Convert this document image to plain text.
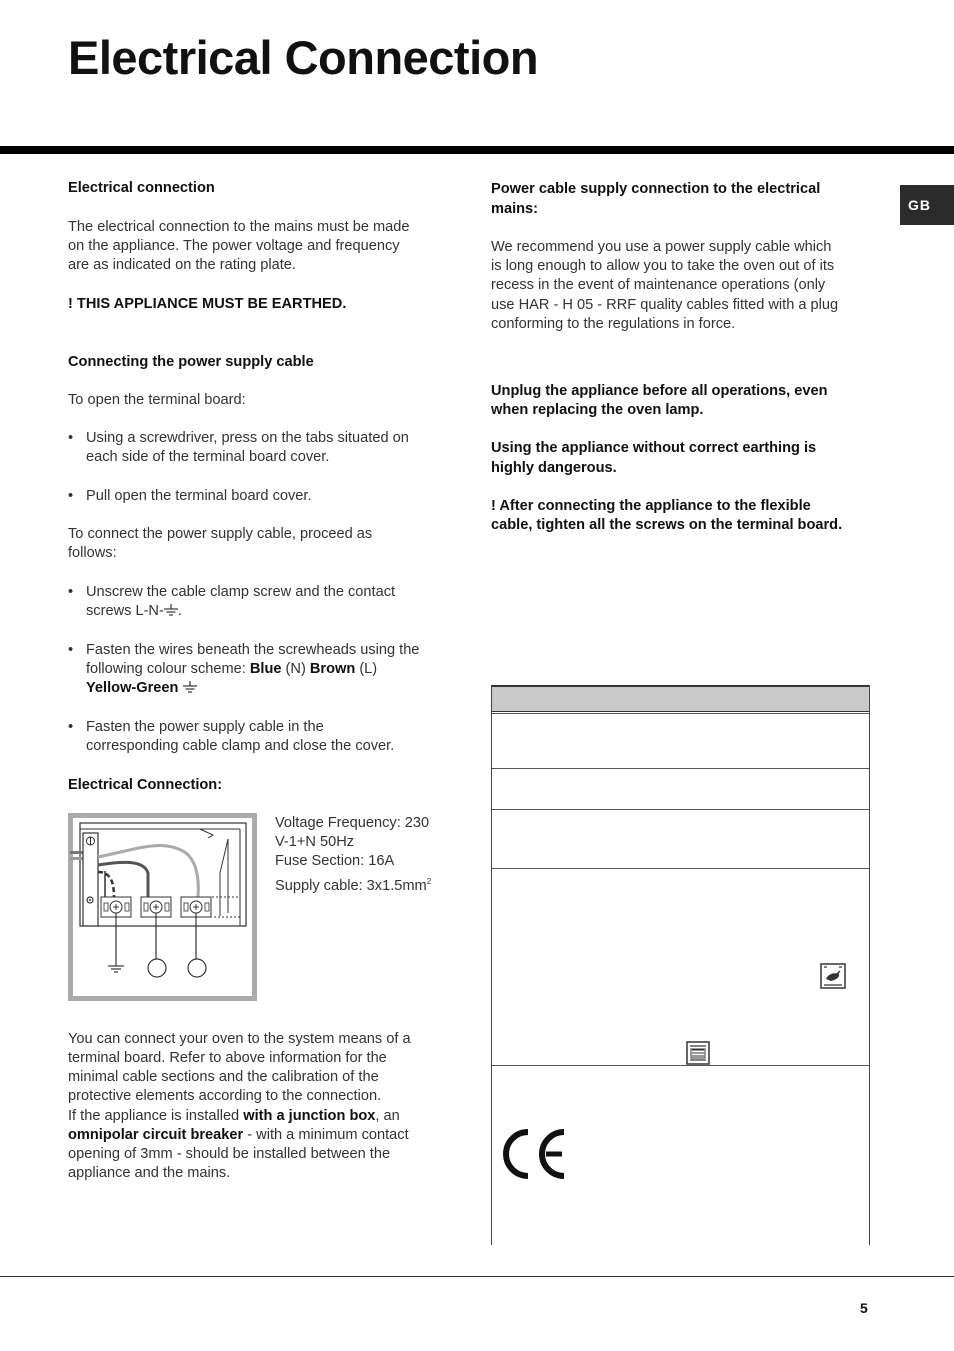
Electrical Connection
GB

Electrical connection

The electrical connection to the mains must be made

on the appliance. The power voltage and frequency

are as indicated on the rating plate.

! THIS APPLIANCE MUST BE EARTHED.

Connecting the power supply cable

To open the terminal board:

• Using a screwdriver, press on the tabs situated on
each side of the terminal board cover.
• Pull open the terminal board cover.

To connect the power supply cable, proceed as

follows:

• Unscrew the cable clamp screw and the contact
screws L-N- .
• Fasten the wires beneath the screwheads using the
following colour scheme: Blue (N) Brown (L)
Yellow-Green
• Fasten the power supply cable in the
corresponding cable clamp and close the cover.

Electrical Connection:

Voltage Frequency: 230
V-1+N 50Hz
Fuse Section: 16A
Supply cable: $3x1.5mm^2$

You can connect your oven to the system means of a

terminal board. Refer to above information for the

minimal cable sections and the calibration of the

protective elements according to the connection.

If the appliance is installed with a junction box, an

omnipolar circuit breaker - with a minimum contact

opening of 3mm - should be installed between the

appliance and the mains.

Power cable supply connection to the electrical

mains:

We recommend you use a power supply cable which

is long enough to allow you to take the oven out of its

recess in the event of maintenance operations (only

use HAR - H 05 - RRF quality cables fitted with a plug

conforming to the regulations in force.

Unplug the appliance before all operations, even

when replacing the oven lamp.

Using the appliance without correct earthing is

highly dangerous.

! After connecting the appliance to the flexible

cable, tighten all the screws on the terminal board.

5
